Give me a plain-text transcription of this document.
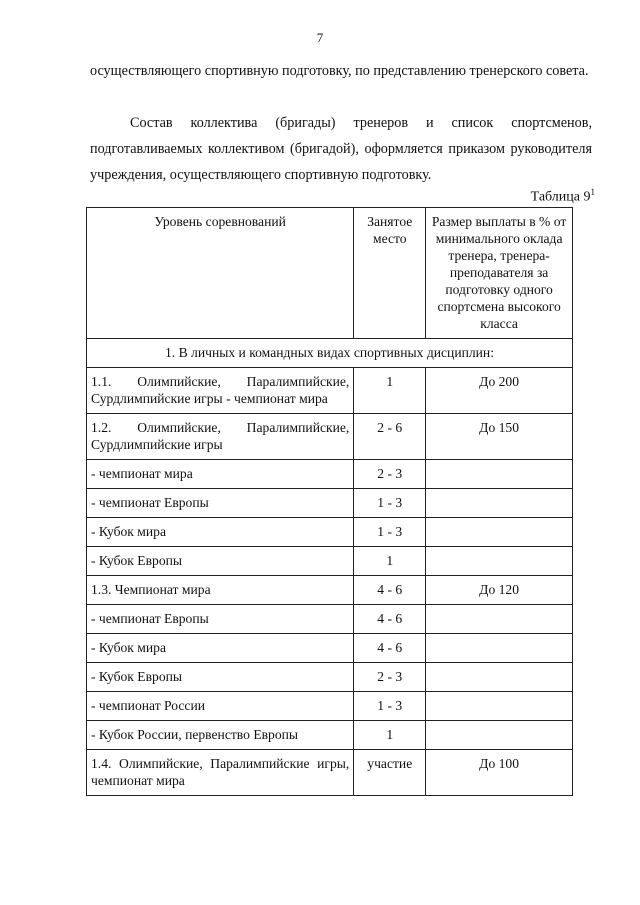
7
осуществляющего спортивную подготовку, по представлению тренерского совета.
Состав коллектива (бригады) тренеров и список спортсменов, подготавливаемых коллективом (бригадой), оформляется приказом руководителя учреждения, осуществляющего спортивную подготовку.
Таблица $9^1$
Уровень соревнований	Занятое место	Размер выплаты в % от минимального оклада тренера, тренера-преподавателя за подготовку одного спортсмена высокого класса
1. В личных и командных видах спортивных дисциплин:		
1.1. Олимпийские, Паралимпийские, Сурдлимпийские игры - чемпионат мира	1	До 200
1.2. Олимпийские, Паралимпийские, Сурдлимпийские игры	2 - 6	До 150
- чемпионат мира	2 - 3	
- чемпионат Европы	1 - 3	
- Кубок мира	1 - 3	
- Кубок Европы	1	
1.3. Чемпионат мира	4 - 6	До 120
- чемпионат Европы	4 - 6	
- Кубок мира	4 - 6	
- Кубок Европы	2 - 3	
- чемпионат России	1 - 3	
- Кубок России, первенство Европы	1	
1.4. Олимпийские, Паралимпийские игры, чемпионат мира	участие	До 100
